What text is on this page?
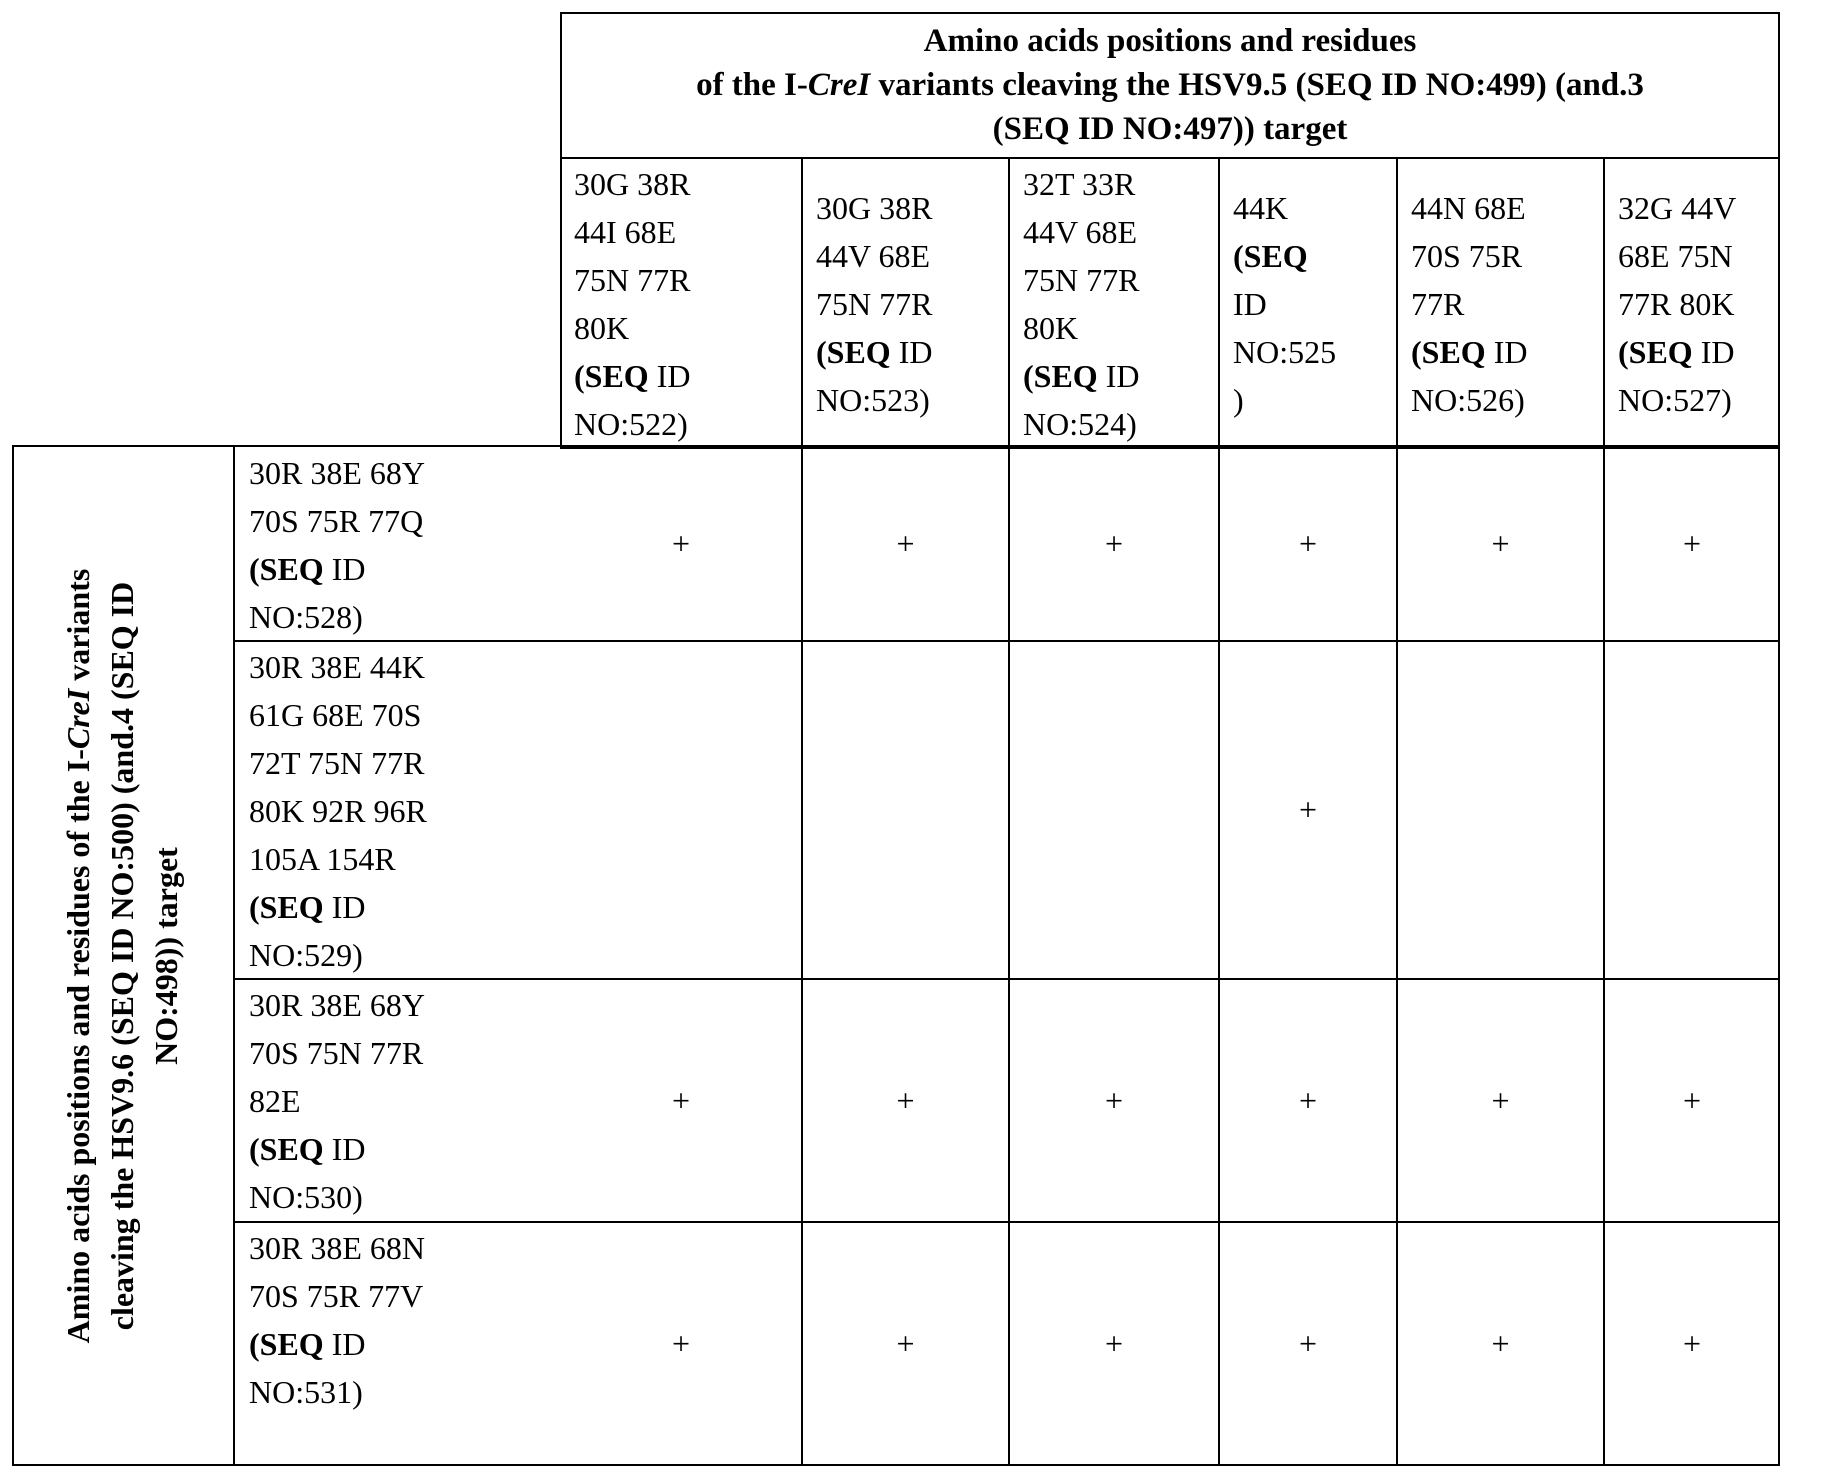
Amino acids positions and residues
of the I-CreI variants cleaving the HSV9.5 (SEQ ID NO:499) (and.3
(SEQ ID NO:497)) target
Amino acids positions and residues of the I-CreI variants cleaving the HSV9.6 (SEQ ID NO:500) (and.4 (SEQ ID NO:498)) target
30G 38R
44I 68E
75N 77R
80K
(SEQ ID
NO:522)
30G 38R
44V 68E
75N 77R
(SEQ ID
NO:523)
32T 33R
44V 68E
75N 77R
80K
(SEQ ID
NO:524)
44K
(SEQ
ID
NO:525
)
44N 68E
70S 75R
77R
(SEQ ID
NO:526)
32G 44V
68E 75N
77R 80K
(SEQ ID
NO:527)
30R 38E 68Y
70S 75R 77Q
(SEQ ID
NO:528)
+	+	+	+	+	+
30R 38E 44K
61G 68E 70S
72T 75N 77R
80K 92R 96R
105A 154R
(SEQ ID
NO:529)
+
30R 38E 68Y
70S 75N 77R
82E
(SEQ ID
NO:530)
+	+	+	+	+	+
30R 38E 68N
70S 75R 77V
(SEQ ID
NO:531)
+	+	+	+	+	+
